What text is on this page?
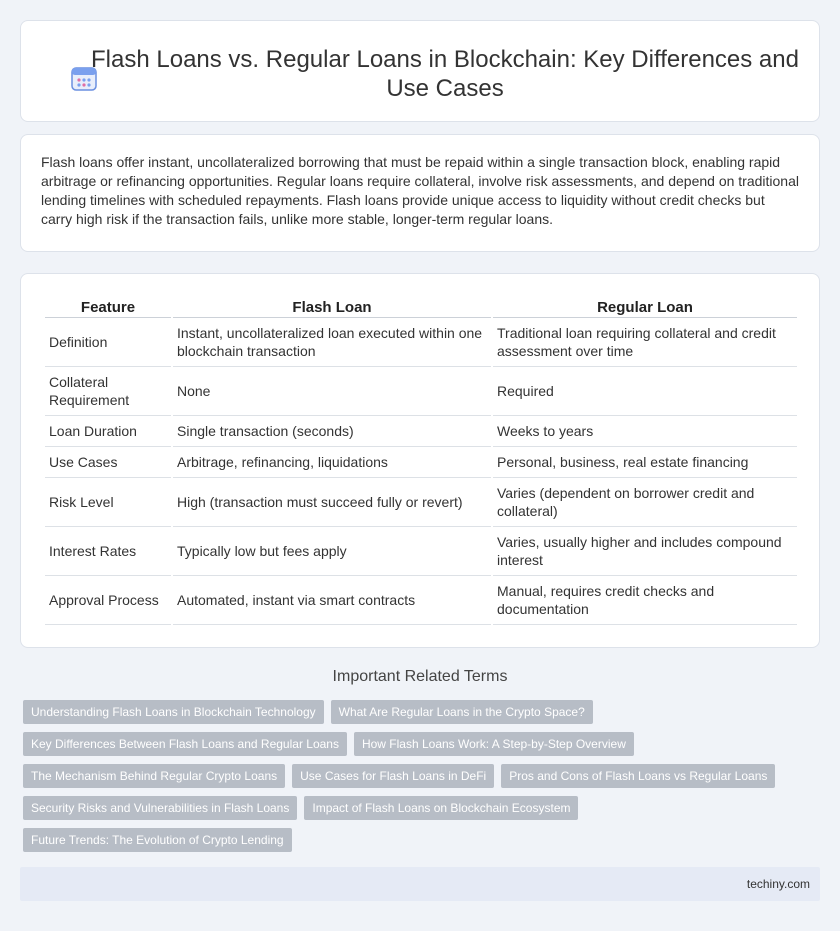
Flash Loans vs. Regular Loans in Blockchain: Key Differences and Use Cases

Flash loans offer instant, uncollateralized borrowing that must be repaid within a single transaction block, enabling rapid arbitrage or refinancing opportunities. Regular loans require collateral, involve risk assessments, and depend on traditional lending timelines with scheduled repayments. Flash loans provide unique access to liquidity without credit checks but carry high risk if the transaction fails, unlike more stable, longer-term regular loans.

Feature	Flash Loan	Regular Loan
Definition	Instant, uncollateralized loan executed within one blockchain transaction	Traditional loan requiring collateral and credit assessment over time
Collateral Requirement	None	Required
Loan Duration	Single transaction (seconds)	Weeks to years
Use Cases	Arbitrage, refinancing, liquidations	Personal, business, real estate financing
Risk Level	High (transaction must succeed fully or revert)	Varies (dependent on borrower credit and collateral)
Interest Rates	Typically low but fees apply	Varies, usually higher and includes compound interest
Approval Process	Automated, instant via smart contracts	Manual, requires credit checks and documentation
Important Related Terms
Understanding Flash Loans in Blockchain Technology	What Are Regular Loans in the Crypto Space?
Key Differences Between Flash Loans and Regular Loans	How Flash Loans Work: A Step-by-Step Overview
The Mechanism Behind Regular Crypto Loans	Use Cases for Flash Loans in DeFi	Pros and Cons of Flash Loans vs Regular Loans
Security Risks and Vulnerabilities in Flash Loans	Impact of Flash Loans on Blockchain Ecosystem
Future Trends: The Evolution of Crypto Lending
techiny.com
